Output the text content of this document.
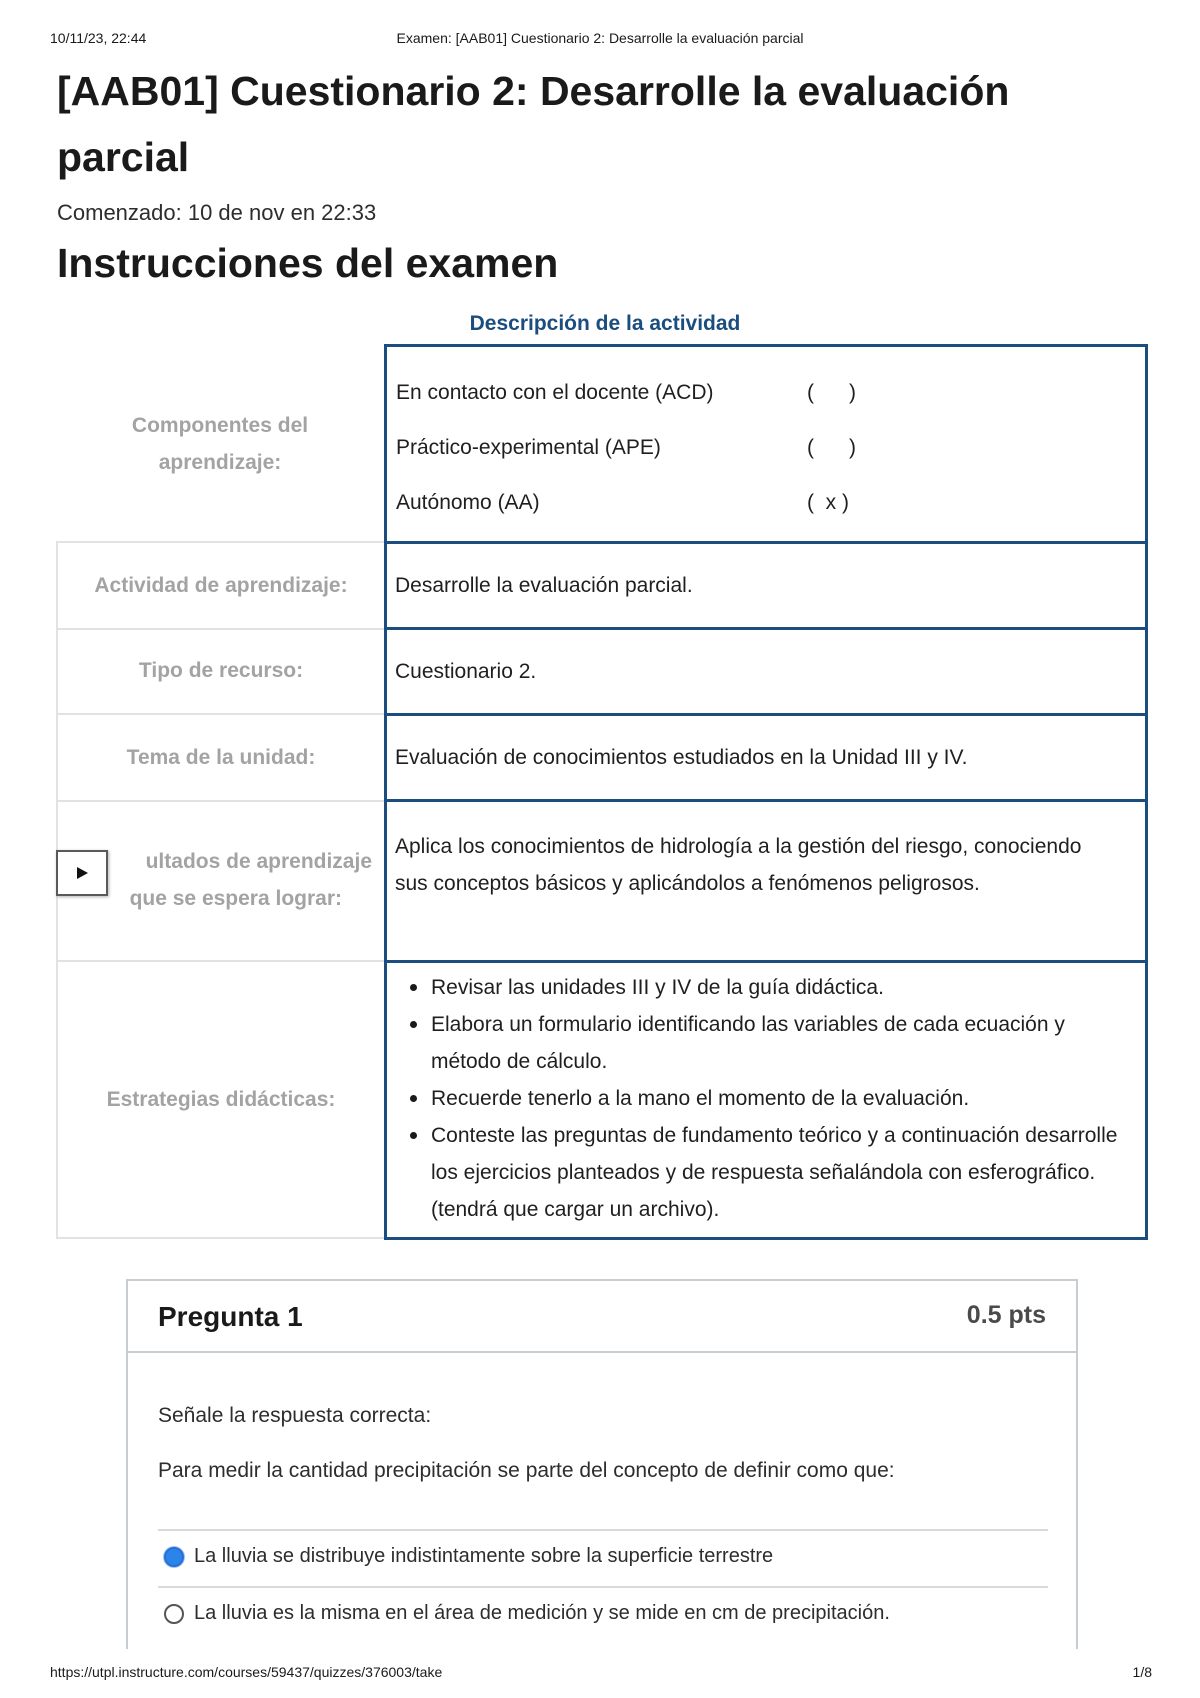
10/11/23, 22:44	Examen: [AAB01] Cuestionario 2: Desarrolle la evaluación parcial
[AAB01] Cuestionario 2: Desarrolle la evaluación parcial
Comenzado: 10 de nov en 22:33
Instrucciones del examen
Descripción de la actividad
Componentes del aprendizaje:
En contacto con el docente (ACD)	(      )
Práctico-experimental (APE)	(      )
Autónomo (AA)	(  x )
Actividad de aprendizaje: Desarrolle la evaluación parcial.
Tipo de recurso:	Cuestionario 2.
Tema de la unidad:	Evaluación de conocimientos estudiados en la Unidad III y IV.
ultados de aprendizaje
que se espera lograr:
Aplica los conocimientos de hidrología a la gestión del riesgo, conociendo sus conceptos básicos y aplicándolos a fenómenos peligrosos.
Estrategias didácticas:
Revisar las unidades III y IV de la guía didáctica.
Elabora un formulario identificando las variables de cada ecuación y método de cálculo.
Recuerde tenerlo a la mano el momento de la evaluación.
Conteste las preguntas de fundamento teórico y a continuación desarrolle los ejercicios planteados y de respuesta señalándola con esferográfico. (tendrá que cargar un archivo).
Pregunta 1	0.5 pts
Señale la respuesta correcta:
Para medir la cantidad precipitación se parte del concepto de definir como que:
La lluvia se distribuye indistintamente sobre la superficie terrestre
La lluvia es la misma en el área de medición y se mide en cm de precipitación.
https://utpl.instructure.com/courses/59437/quizzes/376003/take	1/8
